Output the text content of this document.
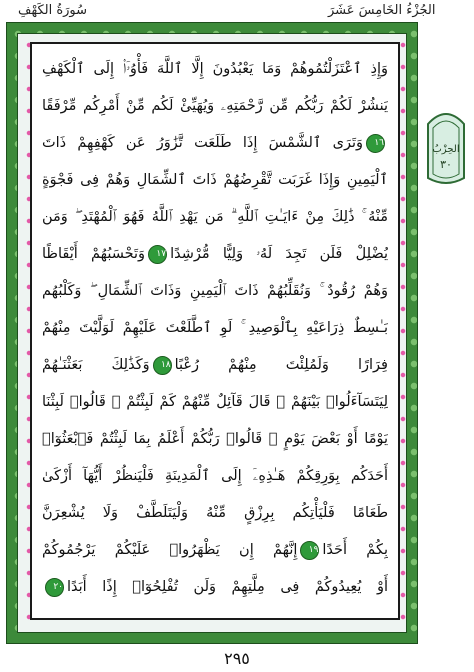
سُورَةُ الكَهْفِ	الجُزْءُ الخَامِسَ عَشَرَ
وَإِذِ ٱعْتَزَلْتُمُوهُمْ وَمَا يَعْبُدُونَ إِلَّا ٱللَّهَ فَأْوُۥٓا۟ إِلَى ٱلْكَهْفِ
يَنشُرْ لَكُمْ رَبُّكُم مِّن رَّحْمَتِهِۦ وَيُهَيِّئْ لَكُم مِّنْ أَمْرِكُم مِّرْفَقًا
١٦وَتَرَى ٱلشَّمْسَ إِذَا طَلَعَت تَّزَٰوَرُ عَن كَهْفِهِمْ ذَاتَ
ٱلْيَمِينِ وَإِذَا غَرَبَت تَّقْرِضُهُمْ ذَاتَ ٱلشِّمَالِ وَهُمْ فِى فَجْوَةٍ
مِّنْهُ ۚ ذَٰلِكَ مِنْ ءَايَـٰتِ ٱللَّهِ ۗ مَن يَهْدِ ٱللَّهُ فَهُوَ ٱلْمُهْتَدِ ۖ وَمَن
يُضْلِلْ فَلَن تَجِدَ لَهُۥ وَلِيًّا مُّرْشِدًا١٧وَتَحْسَبُهُمْ أَيْقَاظًا
وَهُمْ رُقُودٌ ۚ وَنُقَلِّبُهُمْ ذَاتَ ٱلْيَمِينِ وَذَاتَ ٱلشِّمَالِ ۖ وَكَلْبُهُم
بَـٰسِطٌ ذِرَاعَيْهِ بِٱلْوَصِيدِ ۚ لَوِ ٱطَّلَعْتَ عَلَيْهِمْ لَوَلَّيْتَ مِنْهُمْ
فِرَارًا وَلَمُلِئْتَ مِنْهُمْ رُعْبًا١٨وَكَذَٰلِكَ بَعَثْنَـٰهُمْ
لِيَتَسَآءَلُوا۟ بَيْنَهُمْ ۚ قَالَ قَآئِلٌ مِّنْهُمْ كَمْ لَبِثْتُمْ ۖ قَالُوا۟ لَبِثْنَا
يَوْمًا أَوْ بَعْضَ يَوْمٍ ۚ قَالُوا۟ رَبُّكُمْ أَعْلَمُ بِمَا لَبِثْتُمْ فَٱبْعَثُوٓا۟
أَحَدَكُم بِوَرِقِكُمْ هَـٰذِهِۦٓ إِلَى ٱلْمَدِينَةِ فَلْيَنظُرْ أَيُّهَآ أَزْكَىٰ
طَعَامًا فَلْيَأْتِكُم بِرِزْقٍ مِّنْهُ وَلْيَتَلَطَّفْ وَلَا يُشْعِرَنَّ
بِكُمْ أَحَدًا١٩إِنَّهُمْ إِن يَظْهَرُوا۟ عَلَيْكُمْ يَرْجُمُوكُمْ
أَوْ يُعِيدُوكُمْ فِى مِلَّتِهِمْ وَلَن تُفْلِحُوٓا۟ إِذًا أَبَدًا٢٠
الحِزْبُ
٣٠
٢٩٥
